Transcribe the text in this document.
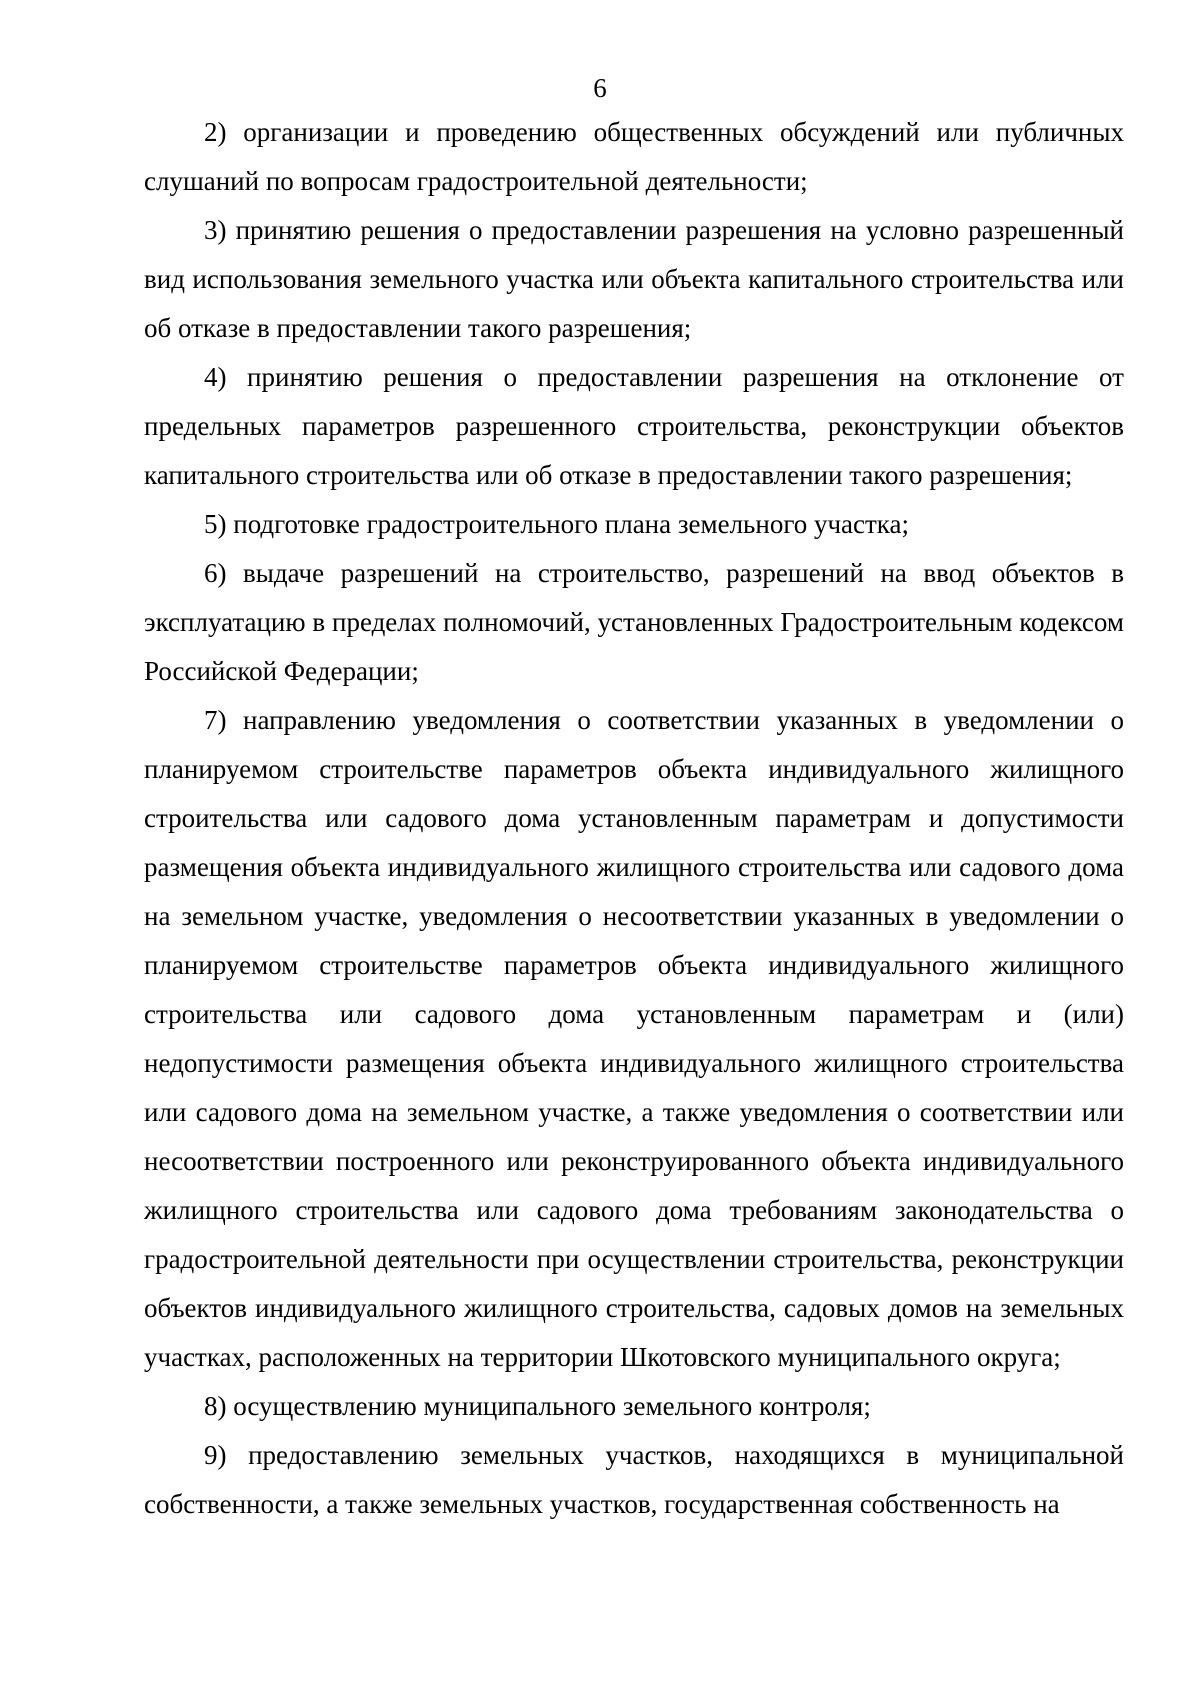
6

2) организации и проведению общественных обсуждений или публичных слушаний по вопросам градостроительной деятельности;

3) принятию решения о предоставлении разрешения на условно разрешенный вид использования земельного участка или объекта капитального строительства или об отказе в предоставлении такого разрешения;

4) принятию решения о предоставлении разрешения на отклонение от предельных параметров разрешенного строительства, реконструкции объектов капитального строительства или об отказе в предоставлении такого разрешения;

5) подготовке градостроительного плана земельного участка;

6) выдаче разрешений на строительство, разрешений на ввод объектов в эксплуатацию в пределах полномочий, установленных Градостроительным кодексом Российской Федерации;

7) направлению уведомления о соответствии указанных в уведомлении о планируемом строительстве параметров объекта индивидуального жилищного строительства или садового дома установленным параметрам и допустимости размещения объекта индивидуального жилищного строительства или садового дома на земельном участке, уведомления о несоответствии указанных в уведомлении о планируемом строительстве параметров объекта индивидуального жилищного строительства или садового дома установленным параметрам и (или) недопустимости размещения объекта индивидуального жилищного строительства или садового дома на земельном участке, а также уведомления о соответствии или несоответствии построенного или реконструированного объекта индивидуального жилищного строительства или садового дома требованиям законодательства о градостроительной деятельности при осуществлении строительства, реконструкции объектов индивидуального жилищного строительства, садовых домов на земельных участках, расположенных на территории Шкотовского муниципального округа;

8) осуществлению муниципального земельного контроля;

9) предоставлению земельных участков, находящихся в муниципальной собственности, а также земельных участков, государственная собственность на
